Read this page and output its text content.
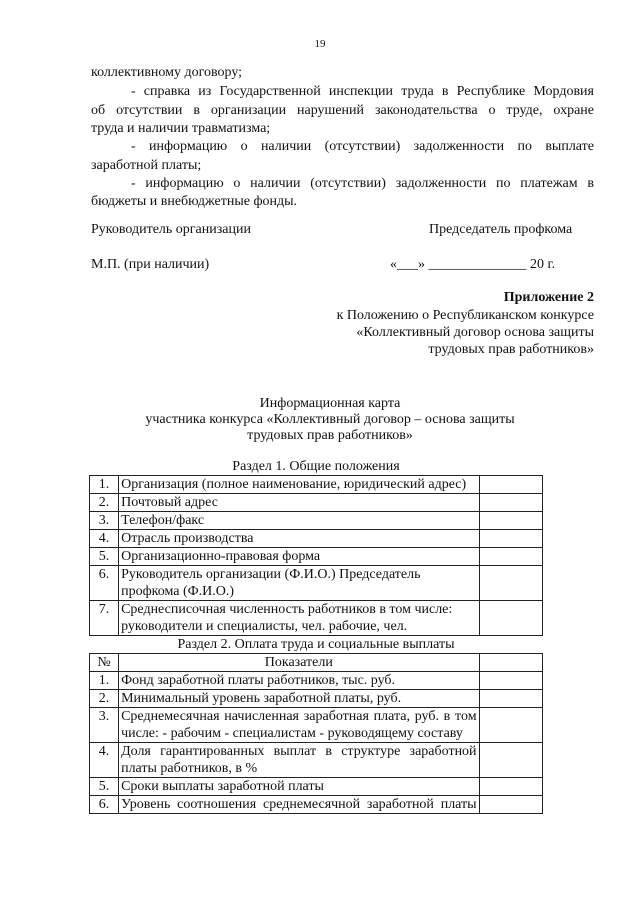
19
коллективному договору;
- справка из Государственной инспекции труда в Республике Мордовия
об отсутствии в организации нарушений законодательства о труде, охране
труда и наличии травматизма;
- информацию о наличии (отсутствии) задолженности по выплате
заработной платы;
- информацию о наличии (отсутствии) задолженности по платежам в
бюджеты и внебюджетные фонды.
Руководитель организации	Председатель профкома
М.П. (при наличии)	«___» ______________ 20 г.
Приложение 2
к Положению о Республиканском конкурсе
«Коллективный договор основа защиты
трудовых прав работников»
Информационная карта
участника конкурса «Коллективный договор – основа защиты
трудовых прав работников»
Раздел 1. Общие положения		
1.	Организация (полное наименование, юридический адрес)	
2.	Почтовый адрес	
3.	Телефон/факс	
4.	Отрасль производства	
5.	Организационно-правовая форма	
6.	Руководитель организации (Ф.И.О.) Председатель профкома (Ф.И.О.)	
7.	Среднесписочная численность работников в том числе: руководители и специалисты, чел. рабочие, чел.	
Раздел 2. Оплата труда и социальные выплаты		
№	Показатели	
1.	Фонд заработной платы работников, тыс. руб.	
2.	Минимальный уровень заработной платы, руб.	
3.	Среднемесячная начисленная заработная плата, руб. в том числе: - рабочим - специалистам - руководящему составу	
4.	Доля гарантированных выплат в структуре заработной платы работников, в %	
5.	Сроки выплаты заработной платы	
6.	Уровень соотношения среднемесячной заработной платы	
